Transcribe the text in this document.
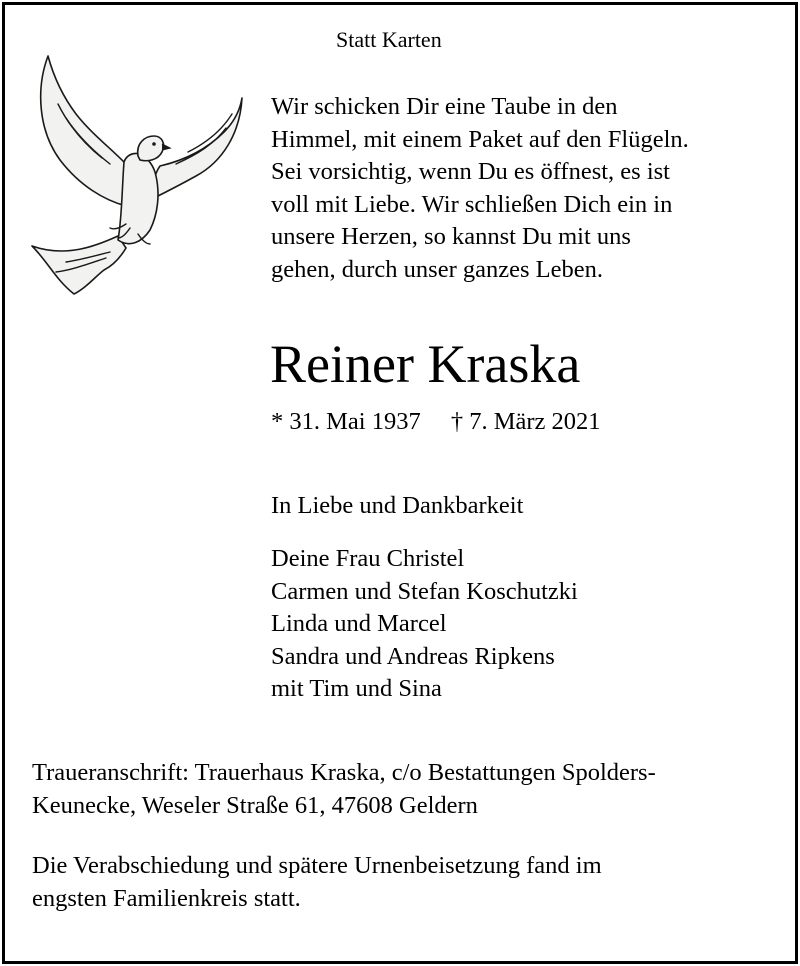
Statt Karten
Wir schicken Dir eine Taube in den
Himmel, mit einem Paket auf den Flügeln.
Sei vorsichtig, wenn Du es öffnest, es ist
voll mit Liebe. Wir schließen Dich ein in
unsere Herzen, so kannst Du mit uns
gehen, durch unser ganzes Leben.
Reiner Kraska
* 31. Mai 1937 † 7. März 2021
In Liebe und Dankbarkeit
Deine Frau Christel
Carmen und Stefan Koschutzki
Linda und Marcel
Sandra und Andreas Ripkens
mit Tim und Sina
Traueranschrift: Trauerhaus Kraska, c/o Bestattungen Spolders-
Keunecke, Weseler Straße 61, 47608 Geldern
Die Verabschiedung und spätere Urnenbeisetzung fand im
engsten Familienkreis statt.
